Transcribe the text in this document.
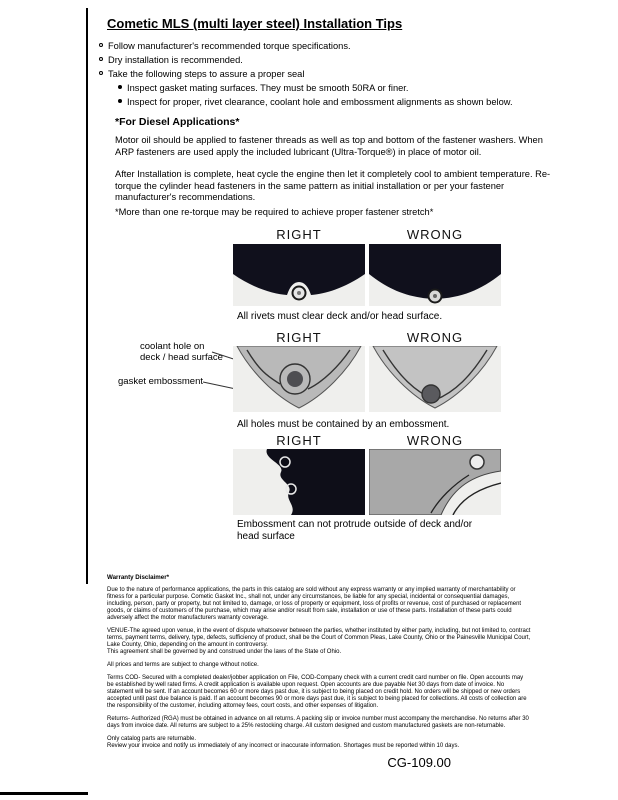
Cometic MLS (multi layer steel) Installation Tips
Follow manufacturer's recommended torque specifications.
Dry installation is recommended.
Take the following steps to assure a proper seal
Inspect gasket mating surfaces. They must be smooth 50RA or finer.
Inspect for proper, rivet clearance, coolant hole and embossment alignments as shown below.
*For Diesel Applications*
Motor oil should be applied to fastener threads as well as top and bottom of the fastener washers. When ARP fasteners are used apply the included lubricant (Ultra-Torque®) in place of motor oil.
After Installation is complete, heat cycle the engine then let it completely cool to ambient temperature. Re-torque the cylinder head fasteners in the same pattern as initial installation or per your fastener manufacturer's recommendations.
*More than one re-torque may be required to achieve proper fastener stretch*
RIGHT	WRONG
All rivets must clear deck and/or head surface.
RIGHT	WRONG
coolant hole on
deck / head surface
gasket embossment
All holes must be contained by an embossment.
RIGHT	WRONG
Embossment can not protrude outside of deck and/or head surface
Warranty Disclaimer*

Due to the nature of performance applications, the parts in this catalog are sold without any express warranty or any implied warranty of merchantability or fitness for a particular purpose. Cometic Gasket Inc., shall not, under any circumstances, be liable for any special, incidental or consequential damages, including, person, party or property, but not limited to, damage, or loss of property or equipment, loss of profits or revenue, cost of purchased or replacement goods, or claims of customers of the purchase, which may arise and/or result from sale, installation or use of these parts. Installation of these parts could adversely affect the motor manufacturers warranty coverage.

VENUE-The agreed upon venue, in the event of dispute whatsoever between the parties, whether instituted by either party, including, but not limited to, contract terms, payment terms, delivery, type, defects, sufficiency of product, shall be the Court of Common Pleas, Lake County, Ohio or the Painesville Municipal Court, Lake County, Ohio, depending on the amount in controversy.
This agreement shall be governed by and construed under the laws of the State of Ohio.

All prices and terms are subject to change without notice.

Terms COD- Secured with a completed dealer/jobber application on File, COD-Company check with a current credit card number on file. Open accounts may be established by well rated firms. A credit application is available upon request. Open accounts are due payable Net 30 days from date of invoice. No statement will be sent. If an account becomes 60 or more days past due, it is subject to being placed on credit hold. No orders will be shipped or new orders accepted until past due balance is paid. If an account becomes 90 or more days past due, it is subject to being placed for collections. All costs of collection are the responsibility of the customer, including attorney fees, court costs, and other expenses of litigation.

Returns- Authorized (RGA) must be obtained in advance on all returns. A packing slip or invoice number must accompany the merchandise. No returns after 30 days from invoice date. All returns are subject to a 25% restocking charge. All custom designed and custom manufactured gaskets are non-returnable.

Only catalog parts are returnable.
Review your invoice and notify us immediately of any incorrect or inaccurate information. Shortages must be reported within 10 days.

CG-109.00
